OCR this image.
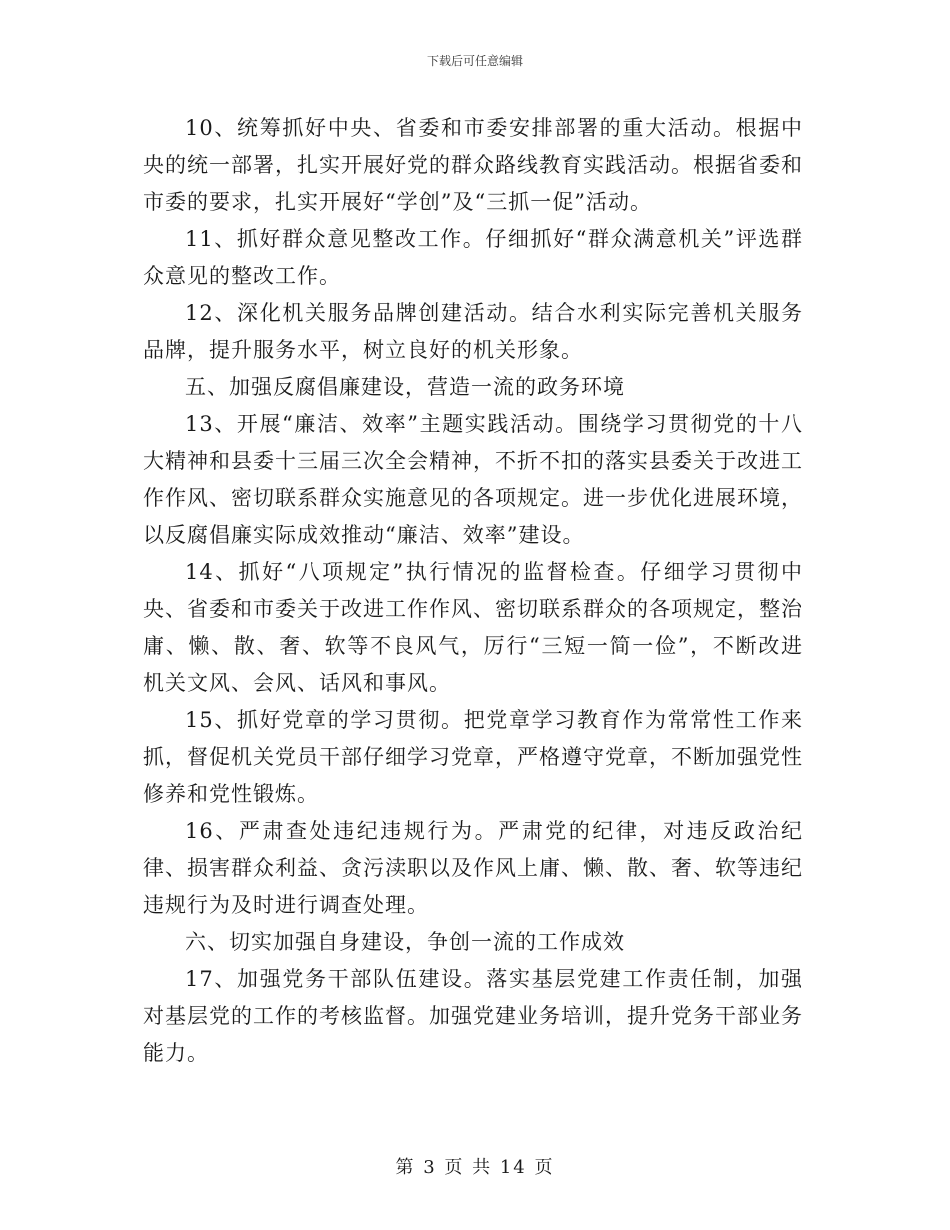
下载后可任意编辑

10、统筹抓好中央、省委和市委安排部署的重大活动。根据中央的统一部署，扎实开展好党的群众路线教育实践活动。根据省委和市委的要求，扎实开展好“学创”及“三抓一促”活动。

11、抓好群众意见整改工作。仔细抓好“群众满意机关”评选群众意见的整改工作。

12、深化机关服务品牌创建活动。结合水利实际完善机关服务品牌，提升服务水平，树立良好的机关形象。

五、加强反腐倡廉建设，营造一流的政务环境

13、开展“廉洁、效率”主题实践活动。围绕学习贯彻党的十八大精神和县委十三届三次全会精神，不折不扣的落实县委关于改进工作作风、密切联系群众实施意见的各项规定。进一步优化进展环境，以反腐倡廉实际成效推动“廉洁、效率”建设。

14、抓好“八项规定”执行情况的监督检查。仔细学习贯彻中央、省委和市委关于改进工作作风、密切联系群众的各项规定，整治庸、懒、散、奢、软等不良风气，厉行“三短一简一俭”，不断改进机关文风、会风、话风和事风。

15、抓好党章的学习贯彻。把党章学习教育作为常常性工作来抓，督促机关党员干部仔细学习党章，严格遵守党章，不断加强党性修养和党性锻炼。

16、严肃查处违纪违规行为。严肃党的纪律，对违反政治纪律、损害群众利益、贪污渎职以及作风上庸、懒、散、奢、软等违纪违规行为及时进行调查处理。

六、切实加强自身建设，争创一流的工作成效

17、加强党务干部队伍建设。落实基层党建工作责任制，加强对基层党的工作的考核监督。加强党建业务培训，提升党务干部业务能力。

第 3 页 共 14 页
